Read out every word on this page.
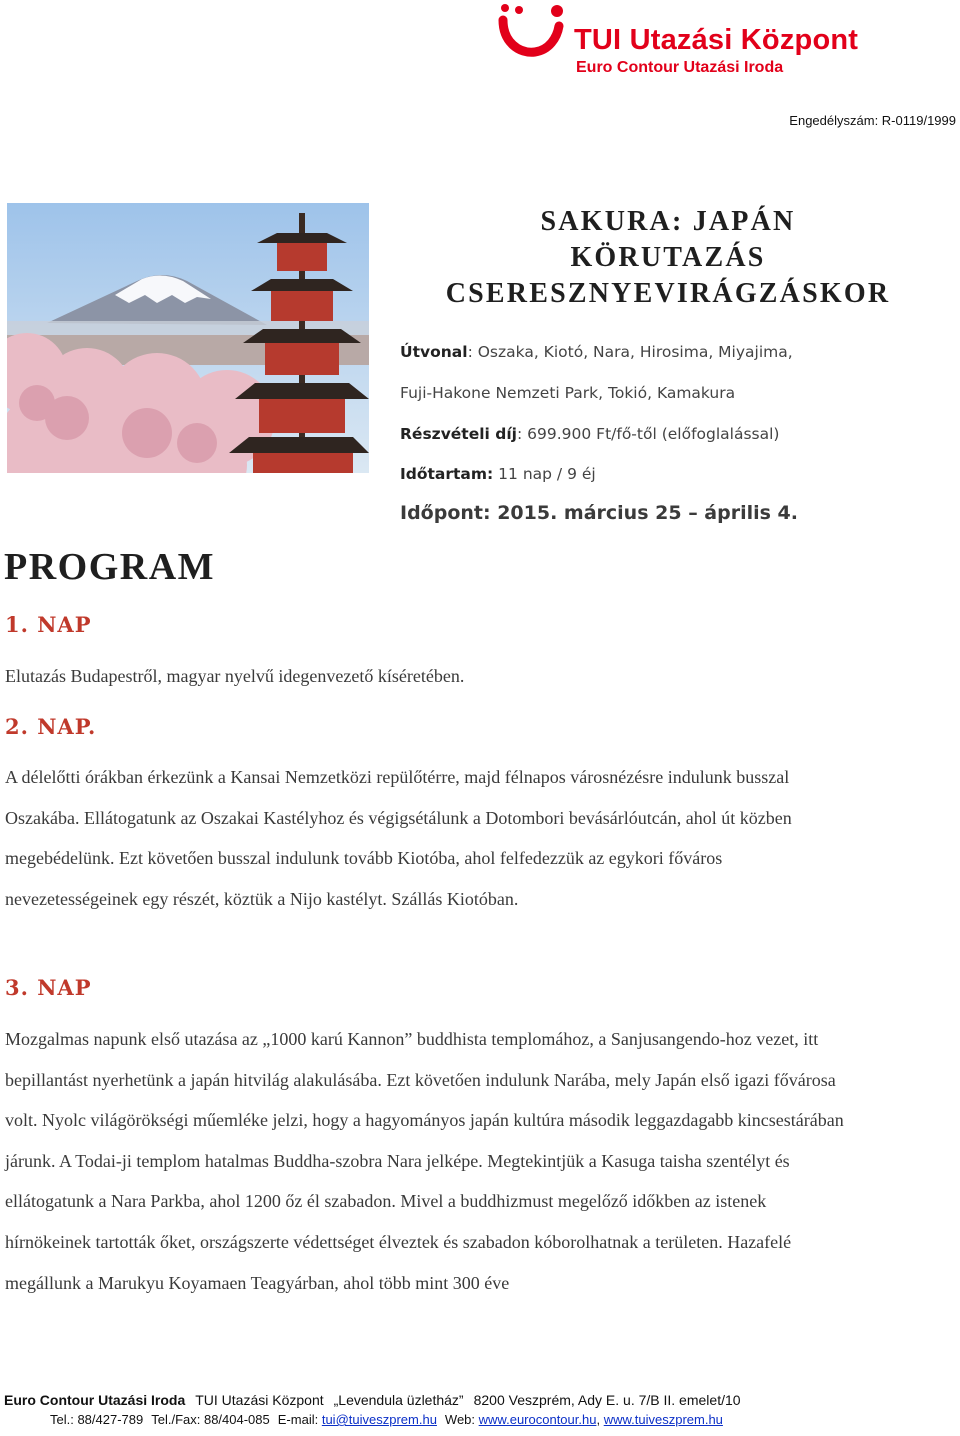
TUI Utazási Központ
Euro Contour Utazási Iroda
Engedélyszám: R-0119/1999
SAKURA: JAPÁN
KÖRUTAZÁS
CSERESZNYEVIRÁGZÁSKOR
Útvonal: Oszaka, Kiotó, Nara, Hirosima, Miyajima,
Fuji-Hakone Nemzeti Park, Tokió, Kamakura
Részvételi díj: 699.900 Ft/fő-től (előfoglalással)
Időtartam: 11 nap / 9 éj
Időpont: 2015. március 25 – április 4.
PROGRAM
1. NAP
Elutazás Budapestről, magyar nyelvű idegenvezető kíséretében.
2. NAP.
A délelőtti órákban érkezünk a Kansai Nemzetközi repülőtérre, majd félnapos városnézésre indulunk busszal Oszakába. Ellátogatunk az Oszakai Kastélyhoz és végigsétálunk a Dotombori bevásárlóutcán, ahol út közben megebédelünk. Ezt követően busszal indulunk tovább Kiotóba, ahol felfedezzük az egykori főváros nevezetességeinek egy részét, köztük a Nijo kastélyt. Szállás Kiotóban.
3. NAP
Mozgalmas napunk első utazása az „1000 karú Kannon” buddhista templomához, a Sanjusangendo-hoz vezet, itt bepillantást nyerhetünk a japán hitvilág alakulásába. Ezt követően indulunk Narába, mely Japán első igazi fővárosa volt. Nyolc világörökségi műemléke jelzi, hogy a hagyományos japán kultúra második leggazdagabb kincsestárában járunk. A Todai-ji templom hatalmas Buddha-szobra Nara jelképe. Megtekintjük a Kasuga taisha szentélyt és ellátogatunk a Nara Parkba, ahol 1200 őz él szabadon. Mivel a buddhizmust megelőző időkben az istenek hírnökeinek tartották őket, országszerte védettséget élveztek és szabadon kóborolhatnak a területen. Hazafelé megállunk a Marukyu Koyamaen Teagyárban, ahol több mint 300 éve
Euro Contour Utazási Iroda TUI Utazási Központ „Levendula üzletház” 8200 Veszprém, Ady E. u. 7/B II. emelet/10
Tel.: 88/427-789 Tel./Fax: 88/404-085 E-mail: tui@tuiveszprem.hu Web: www.eurocontour.hu, www.tuiveszprem.hu
